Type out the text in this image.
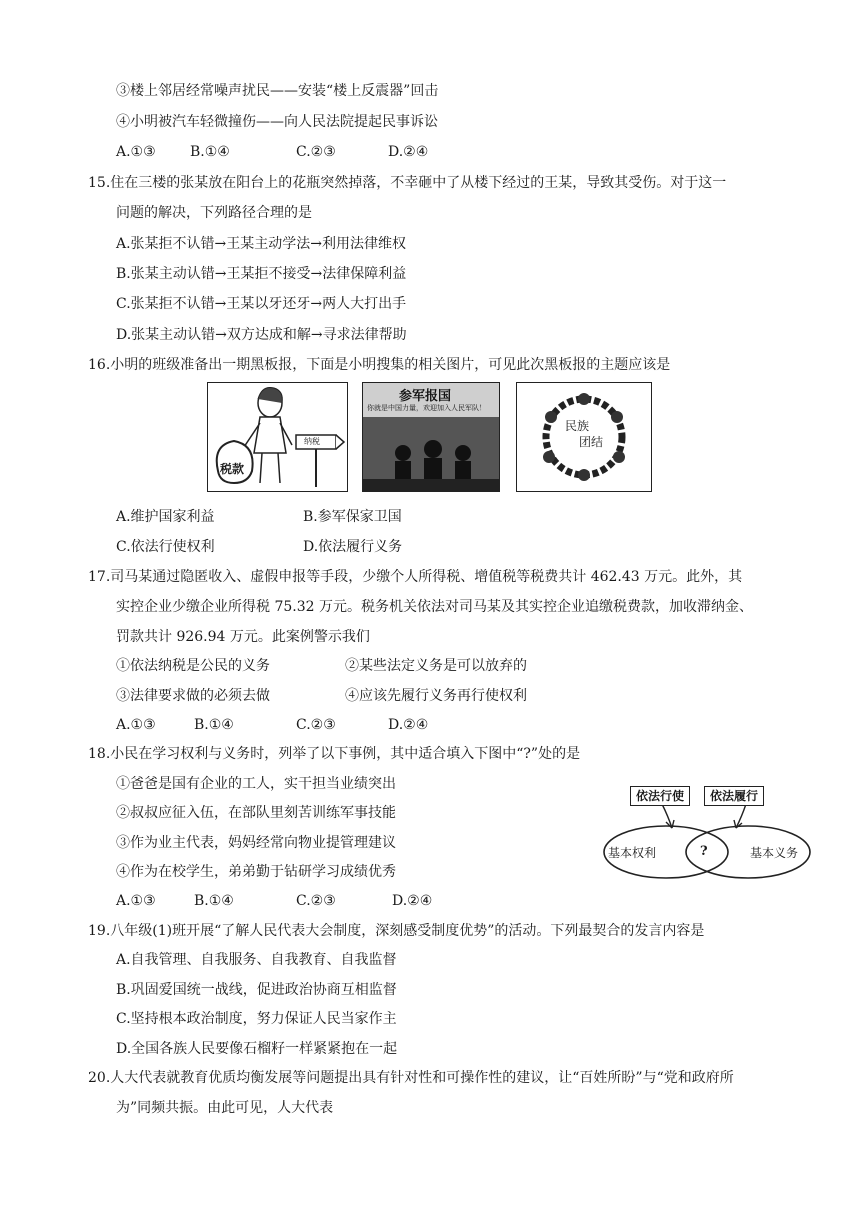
③楼上邻居经常噪声扰民——安装“楼上反震器”回击
④小明被汽车轻微撞伤——向人民法院提起民事诉讼
A.①③ B.①④	C.②③	D.②④
15.住在三楼的张某放在阳台上的花瓶突然掉落，不幸砸中了从楼下经过的王某，导致其受伤。对于这一
问题的解决，下列路径合理的是
A.张某拒不认错→王某主动学法→利用法律维权
B.张某主动认错→王某拒不接受→法律保障利益
C.张某拒不认错→王某以牙还牙→两人大打出手
D.张某主动认错→双方达成和解→寻求法律帮助
16.小明的班级准备出一期黑板报，下面是小明搜集的相关图片，可见此次黑板报的主题应该是
税款
纳税
参军报国
你就是中国力量，欢迎加入人民军队！
民族
团结
A.维护国家利益	B.参军保家卫国
C.依法行使权利	D.依法履行义务
17.司马某通过隐匿收入、虚假申报等手段，少缴个人所得税、增值税等税费共计 462.43 万元。此外，其
实控企业少缴企业所得税 75.32 万元。税务机关依法对司马某及其实控企业追缴税费款，加收滞纳金、
罚款共计 926.94 万元。此案例警示我们
①依法纳税是公民的义务	②某些法定义务是可以放弃的
③法律要求做的必须去做	④应该先履行义务再行使权利
A.①③	B.①④	C.②③	D.②④
18.小民在学习权利与义务时，列举了以下事例，其中适合填入下图中“?”处的是
①爸爸是国有企业的工人，实干担当业绩突出
②叔叔应征入伍，在部队里刻苦训练军事技能
③作为业主代表，妈妈经常向物业提管理建议
④作为在校学生，弟弟勤于钻研学习成绩优秀
A.①③	B.①④	C.②③	D.②④
依法行使	依法履行
基本权利	?	基本义务
19.八年级(1)班开展“了解人民代表大会制度，深刻感受制度优势”的活动。下列最契合的发言内容是
A.自我管理、自我服务、自我教育、自我监督
B.巩固爱国统一战线，促进政治协商互相监督
C.坚持根本政治制度，努力保证人民当家作主
D.全国各族人民要像石榴籽一样紧紧抱在一起
20.人大代表就教育优质均衡发展等问题提出具有针对性和可操作性的建议，让“百姓所盼”与“党和政府所
为”同频共振。由此可见，人大代表
